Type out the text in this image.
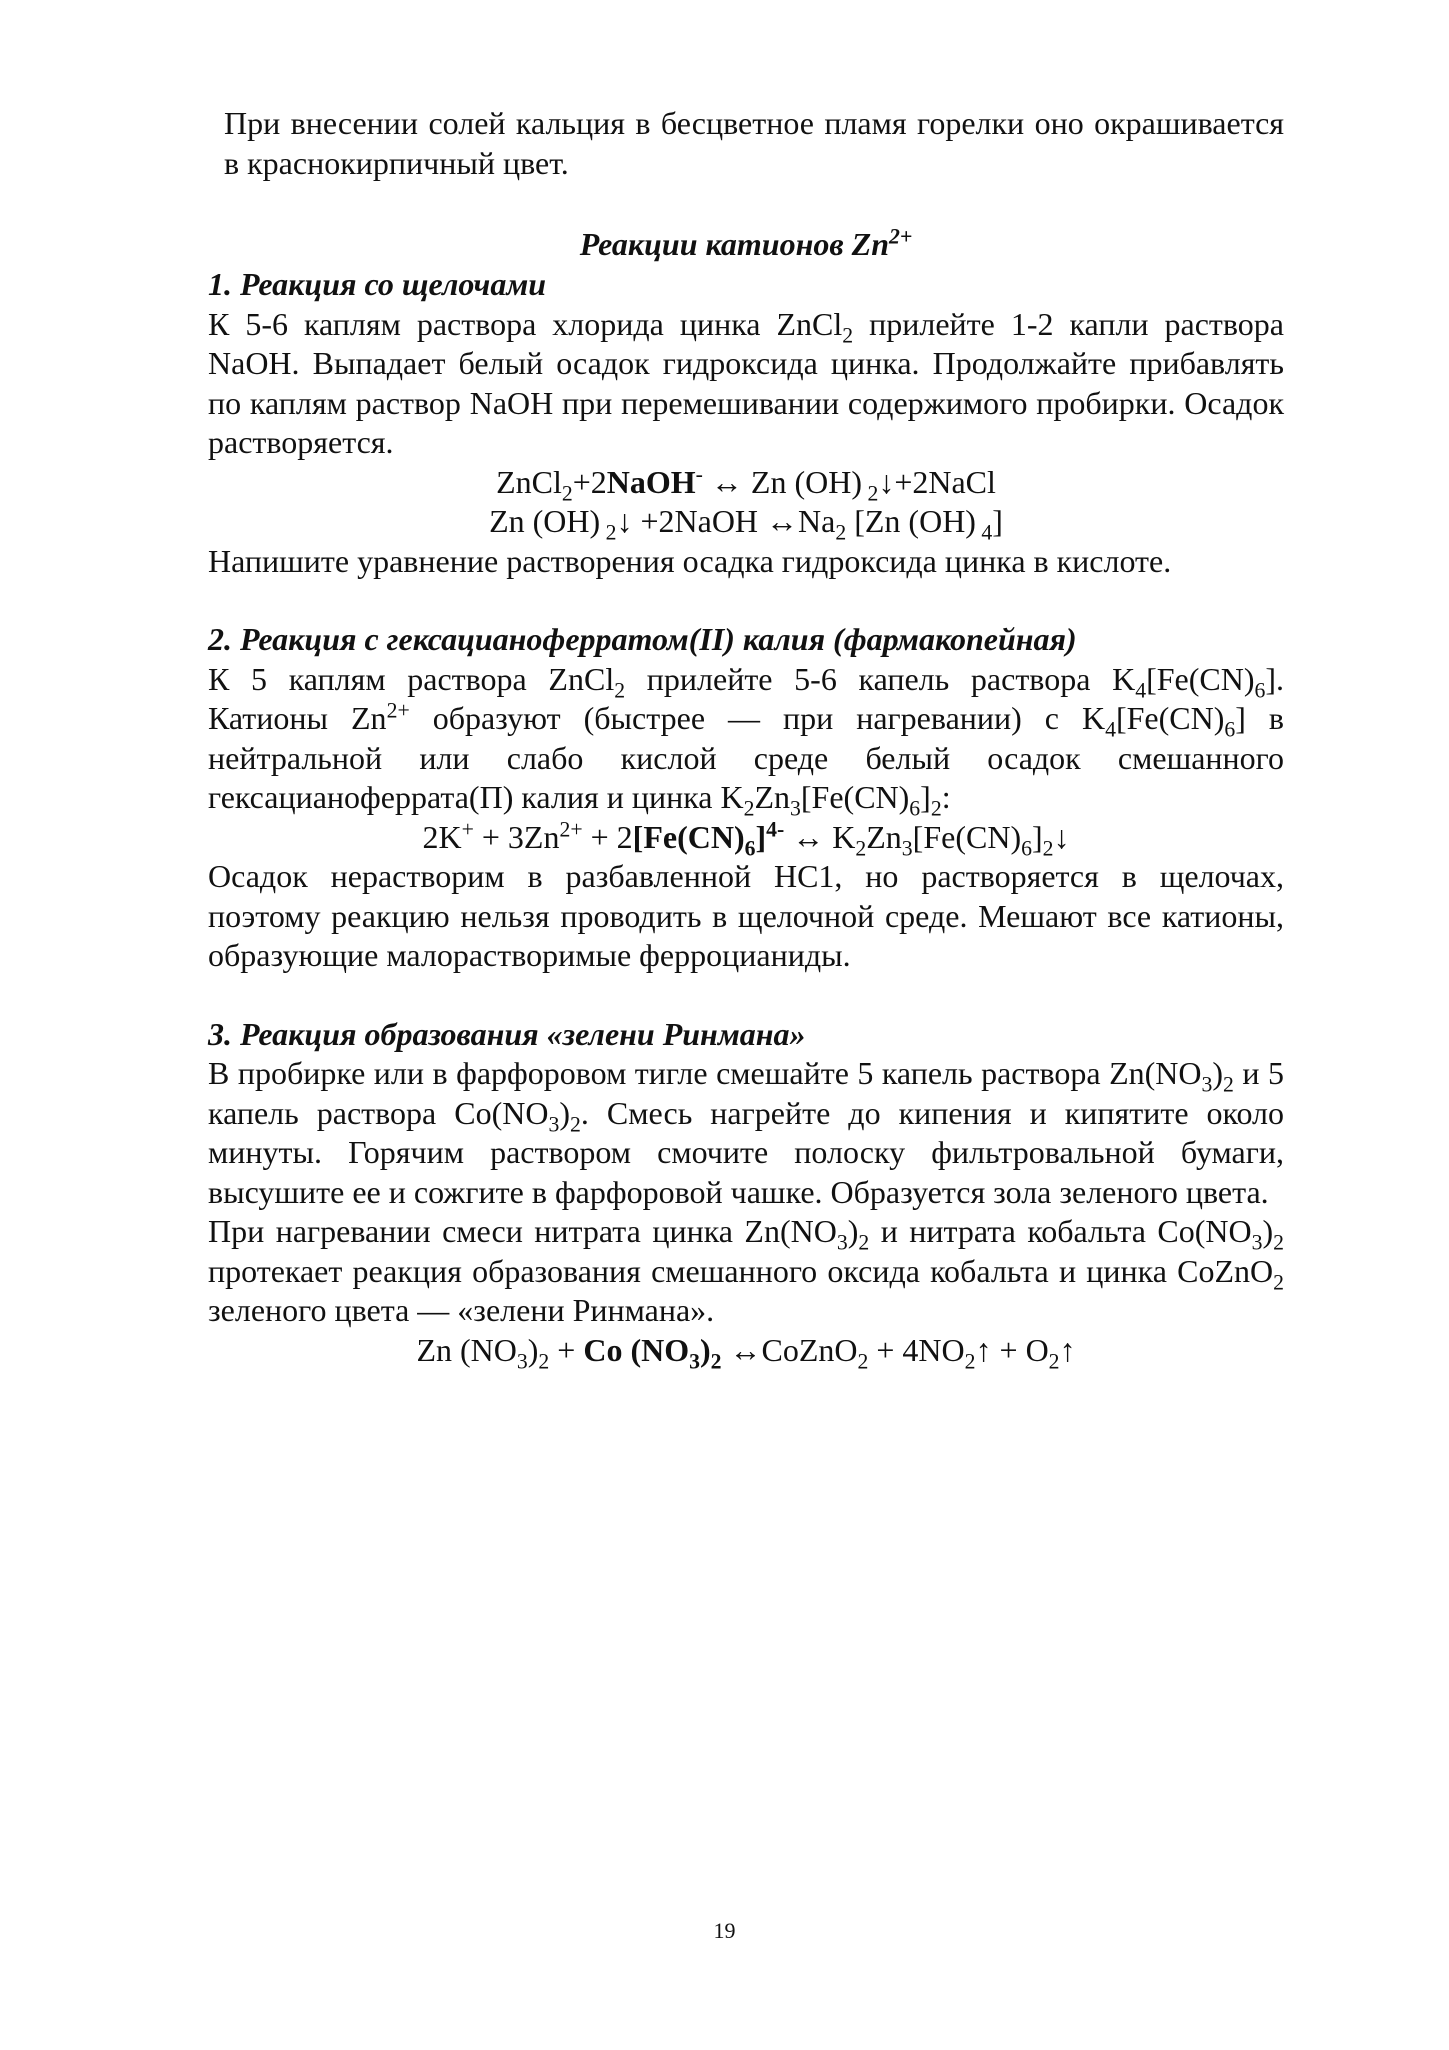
При внесении солей кальция в бесцветное пламя горелки оно окрашивается в краснокирпичный цвет.

Реакции катионов $Zn^{2+}$

1. Реакция со щелочами

К 5-6 каплям раствора хлорида цинка ZnCl$_2$ прилейте 1-2 капли раствора NaOH. Выпадает белый осадок гидроксида цинка. Продолжайте прибавлять по каплям раствор NaOH при перемешивании содержимого пробирки. Осадок растворяется.

ZnCl$_2$+2NaOH- ↔ Zn (OH) $_2$↓+2NaCl

Zn (OH) $_2$↓ +2NaOH $\leftrightarrow Na_2$ [Zn (OH) $_4$]

Напишите уравнение растворения осадка гидроксида цинка в кислоте.

2. Реакция с гексацианоферратом(II) калия (фармакопейная)

К 5 каплям раствора ZnCl$_2$ прилейте 5-6 капель раствора $K_4[Fe(CN)_6]$. Катионы $Zn^{2+}$ образуют (быстрее — при нагревании) с $K_4[Fe(CN)_6]$ в нейтральной или слабо кислой среде белый осадок смешанного гексацианоферрата(П) калия и цинка $K_2Zn_3[Fe(CN)_6]_2$:

$2K^+ + 3Zn^{2+} + 2[Fe(CN)_6]^{4-}$ ↔ $K_2Zn_3[Fe(CN)_6]_2↓$

Осадок нерастворим в разбавленной НС1, но растворяется в щелочах, поэтому реакцию нельзя проводить в щелочной среде. Мешают все катионы, образующие малорастворимые ферроцианиды.

3. Реакция образования «зелени Ринмана»

В пробирке или в фарфоровом тигле смешайте 5 капель раствора $Zn(NO_3)_2$ и 5 капель раствора $Co(NO_3)_2$. Смесь нагрейте до кипения и кипятите около минуты. Горячим раствором смочите полоску фильтровальной бумаги, высушите ее и сожгите в фарфоровой чашке. Образуется зола зеленого цвета.

При нагревании смеси нитрата цинка $Zn(NO_3)_2$ и нитрата кобальта $Co(NO_3)_2$ протекает реакция образования смешанного оксида кобальта и цинка CoZnO$_2$ зеленого цвета — «зелени Ринмана».

Zn $(NO_3)_2 + Co$ $(NO_3)_2$ ↔CoZnO$_2$ + $4NO_2↑$ + $O_2↑$

19
